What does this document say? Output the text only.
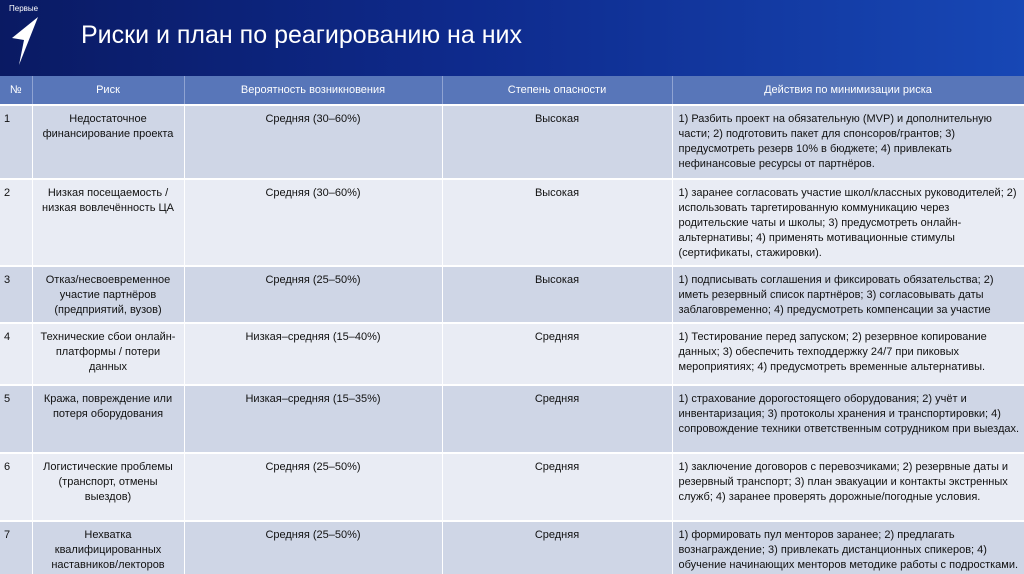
Первые
Риски и план по реагированию на них
№	Риск	Вероятность возникновения	Степень опасности	Действия по минимизации риска
1	Недостаточное финансирование проекта	Средняя (30–60%)	Высокая	1) Разбить проект на обязательную (MVP) и дополнительную части; 2) подготовить пакет для спонсоров/грантов; 3) предусмотреть резерв 10% в бюджете; 4) привлекать нефинансовые ресурсы от партнёров.
2	Низкая посещаемость / низкая вовлечённость ЦА	Средняя (30–60%)	Высокая	1) заранее согласовать участие школ/классных руководителей; 2) использовать таргетированную коммуникацию через родительские чаты и школы; 3) предусмотреть онлайн-альтернативы; 4) применять мотивационные стимулы (сертификаты, стажировки).
3	Отказ/несвоевременное участие партнёров (предприятий, вузов)	Средняя (25–50%)	Высокая	1) подписывать соглашения и фиксировать обязательства; 2) иметь резервный список партнёров; 3) согласовывать даты заблаговременно; 4) предусмотреть компенсации за участие
4	Технические сбои онлайн-платформы / потери данных	Низкая–средняя (15–40%)	Средняя	1) Тестирование перед запуском; 2) резервное копирование данных; 3) обеспечить техподдержку 24/7 при пиковых мероприятиях; 4) предусмотреть временные альтернативы.
5	Кража, повреждение или потеря оборудования	Низкая–средняя (15–35%)	Средняя	1) страхование дорогостоящего оборудования; 2) учёт и инвентаризация; 3) протоколы хранения и транспортировки; 4) сопровождение техники ответственным сотрудником при выездах.
6	Логистические проблемы (транспорт, отмены выездов)	Средняя (25–50%)	Средняя	1) заключение договоров с перевозчиками; 2) резервные даты и резервный транспорт; 3) план эвакуации и контакты экстренных служб; 4) заранее проверять дорожные/погодные условия.
7	Нехватка квалифицированных наставников/лекторов	Средняя (25–50%)	Средняя	1) формировать пул менторов заранее; 2) предлагать вознаграждение; 3) привлекать дистанционных спикеров; 4) обучение начинающих менторов методике работы с подростками.
